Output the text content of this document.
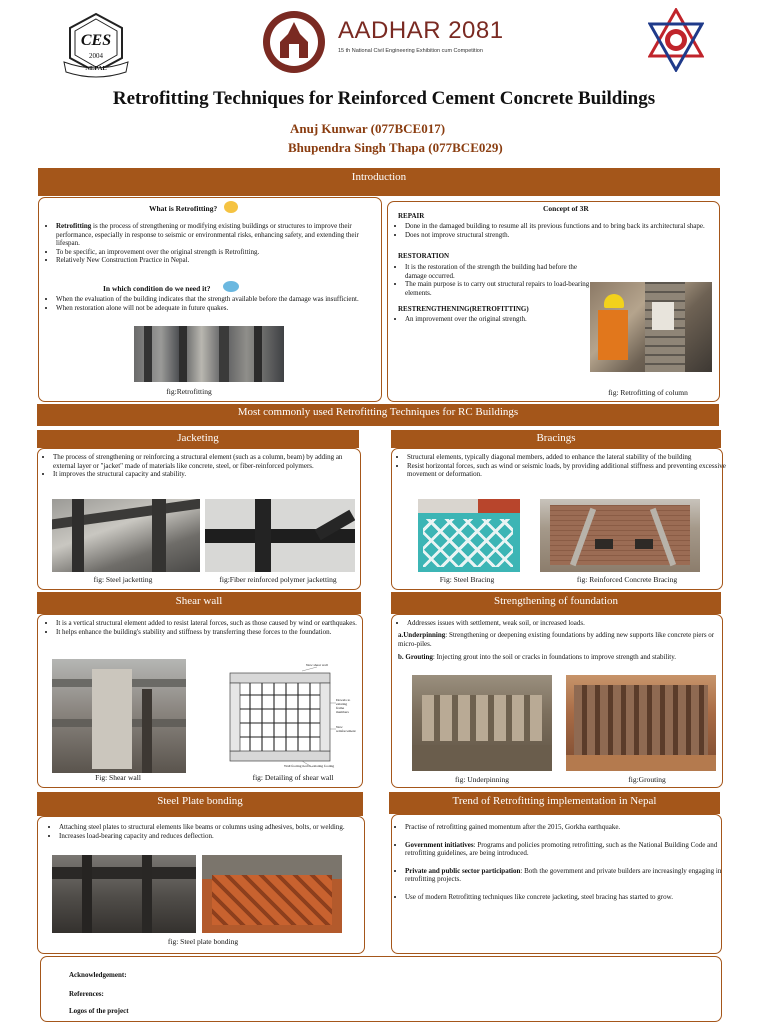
CES
2004
NEPAL
AADHAR 2081
15 th National Civil Engineering Exhibition cum Competition
Retrofitting Techniques for Reinforced Cement Concrete Buildings
Anuj Kunwar (077BCE017)
Bhupendra Singh Thapa (077BCE029)
Introduction
What is Retrofitting?
• Retrofitting is the process of strengthening or modifying existing buildings or structures to improve their performance, especially in response to seismic or environmental risks, enhancing safety, and extending their lifespan.
• To be specific, an improvement over the original strength is Retrofitting.
• Relatively New Construction Practice in Nepal.
In which condition do we need it?
• When the evaluation of the building indicates that the strength available before the damage was insufficient.
• When restoration alone will not be adequate in future quakes.
fig:Retrofitting
Concept of 3R
REPAIR
• Done in the damaged building to resume all its previous functions and to bring back its architectural shape.
• Does not improve structural strength.
RESTORATION
• It is the restoration of the strength the building had before the damage occurred.
• The main purpose is to carry out structural repairs to load-bearing elements.
RESTRENGTHENING(RETROFITTING)
• An improvement over the original strength.
fig: Retrofitting of column
Most commonly used Retrofitting Techniques for RC Buildings
Jacketing
• The process of strengthening or reinforcing a structural element (such as a column, beam) by adding an external layer or "jacket" made of materials like concrete, steel, or fiber-reinforced polymers.
• It improves the structural capacity and stability.
fig: Steel jacketting	fig:Fiber reinforced polymer jacketting
Bracings
• Structural elements, typically diagonal members, added to enhance the lateral stability of the building
• Resist horizontal forces, such as wind or seismic loads, by providing additional stiffness and preventing excessive movement or deformation.
Fig: Steel Bracing	fig: Reinforced Concrete Bracing
Shear wall
• It is a vertical structural element added to resist lateral forces, such as those caused by wind or earthquakes.
• It helps enhance the building's stability and stiffness by transferring these forces to the foundation.
New shear wall
Dowels to existing frame members
New reinforcement
Wall footing tied to existing footing
Fig: Shear wall	fig: Detailing of shear wall
Strengthening of foundation
• Addresses issues with settlement, weak soil, or increased loads.
a.Underpinning: Strengthening or deepening existing foundations by adding new supports like concrete piers or micro-piles.
b. Grouting: Injecting grout into the soil or cracks in foundations to improve strength and stability.
fig: Underpinning	fig:Grouting
Steel Plate bonding
• Attaching steel plates to structural elements like beams or columns using adhesives, bolts, or welding.
• Increases load-bearing capacity and reduces deflection.
fig: Steel plate bonding
Trend of Retrofitting implementation in Nepal
• Practise of retrofitting gained momentum after the 2015, Gorkha earthquake.
• Government initiatives: Programs and policies promoting retrofitting, such as the National Building Code and retrofitting guidelines, are being introduced.
• Private and public sector participation: Both the government and private builders are increasingly engaging in retrofitting projects.
• Use of modern Retrofitting techniques like concrete jacketing, steel bracing has started to grow.
Acknowledgement:
References:
Logos of the project
